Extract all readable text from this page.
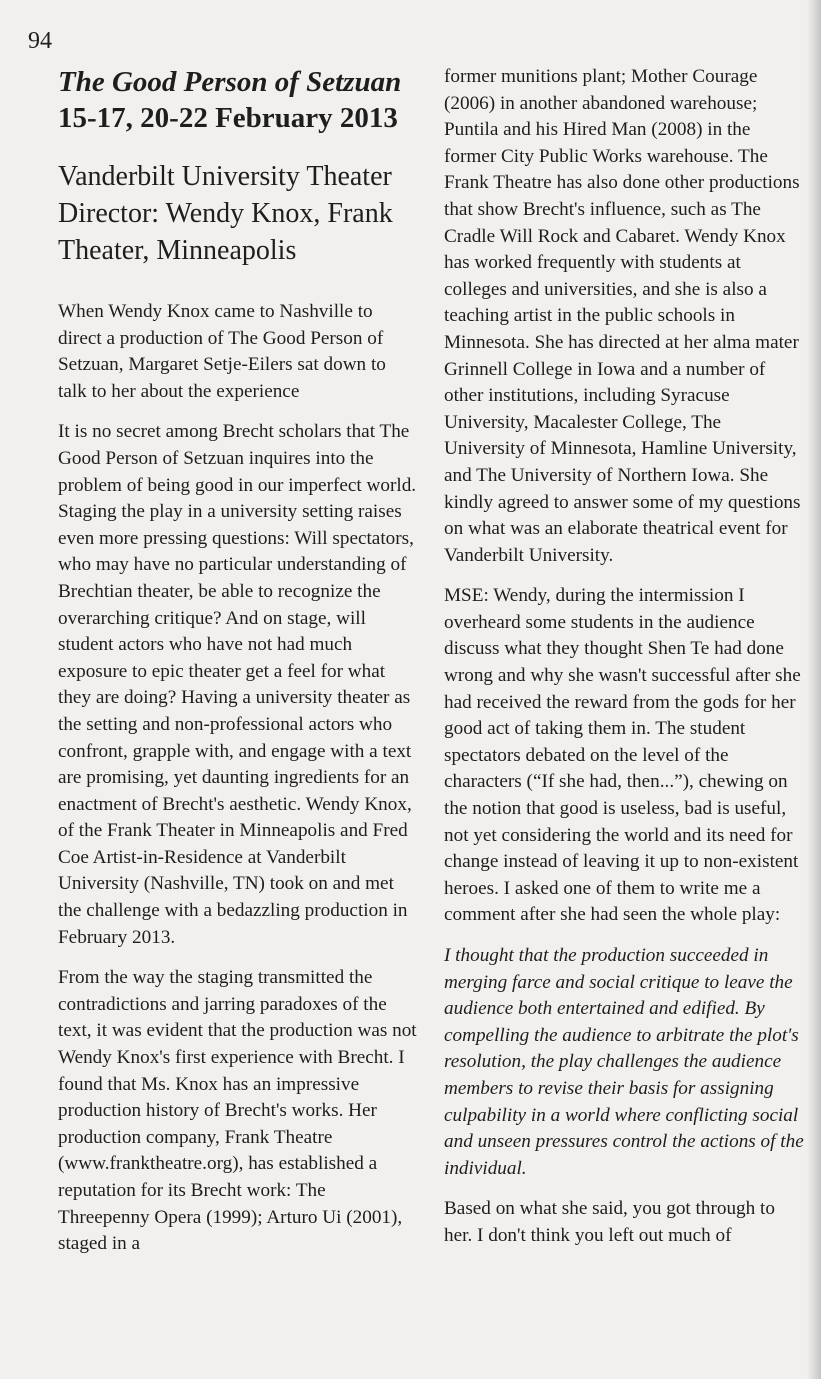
94
The Good Person of Setzuan
15-17, 20-22 February 2013
Vanderbilt University Theater
Director: Wendy Knox, Frank
Theater, Minneapolis

When Wendy Knox came to Nashville to direct a production of The Good Person of Setzuan, Margaret Setje-Eilers sat down to talk to her about the experience

It is no secret among Brecht scholars that The Good Person of Setzuan inquires into the problem of being good in our imperfect world. Staging the play in a university setting raises even more pressing questions: Will spectators, who may have no particular understanding of Brechtian theater, be able to recognize the overarching critique? And on stage, will student actors who have not had much exposure to epic theater get a feel for what they are doing? Having a university theater as the setting and non-professional actors who confront, grapple with, and engage with a text are promising, yet daunting ingredients for an enactment of Brecht's aesthetic. Wendy Knox, of the Frank Theater in Minneapolis and Fred Coe Artist-in-Residence at Vanderbilt University (Nashville, TN) took on and met the challenge with a bedazzling production in February 2013.

From the way the staging transmitted the contradictions and jarring paradoxes of the text, it was evident that the production was not Wendy Knox's first experience with Brecht. I found that Ms. Knox has an impressive production history of Brecht's works. Her production company, Frank Theatre (www.franktheatre.org), has established a reputation for its Brecht work: The Threepenny Opera (1999); Arturo Ui (2001), staged in a

former munitions plant; Mother Courage (2006) in another abandoned warehouse; Puntila and his Hired Man (2008) in the former City Public Works warehouse. The Frank Theatre has also done other productions that show Brecht's influence, such as The Cradle Will Rock and Cabaret. Wendy Knox has worked frequently with students at colleges and universities, and she is also a teaching artist in the public schools in Minnesota. She has directed at her alma mater Grinnell College in Iowa and a number of other institutions, including Syracuse University, Macalester College, The University of Minnesota, Hamline University, and The University of Northern Iowa. She kindly agreed to answer some of my questions on what was an elaborate theatrical event for Vanderbilt University.

MSE: Wendy, during the intermission I overheard some students in the audience discuss what they thought Shen Te had done wrong and why she wasn't successful after she had received the reward from the gods for her good act of taking them in. The student spectators debated on the level of the characters (“If she had, then...”), chewing on the notion that good is useless, bad is useful, not yet considering the world and its need for change instead of leaving it up to non-existent heroes. I asked one of them to write me a comment after she had seen the whole play:

I thought that the production succeeded in merging farce and social critique to leave the audience both entertained and edified. By compelling the audience to arbitrate the plot's resolution, the play challenges the audience members to revise their basis for assigning culpability in a world where conflicting social and unseen pressures control the actions of the individual.

Based on what she said, you got through to her. I don't think you left out much of
